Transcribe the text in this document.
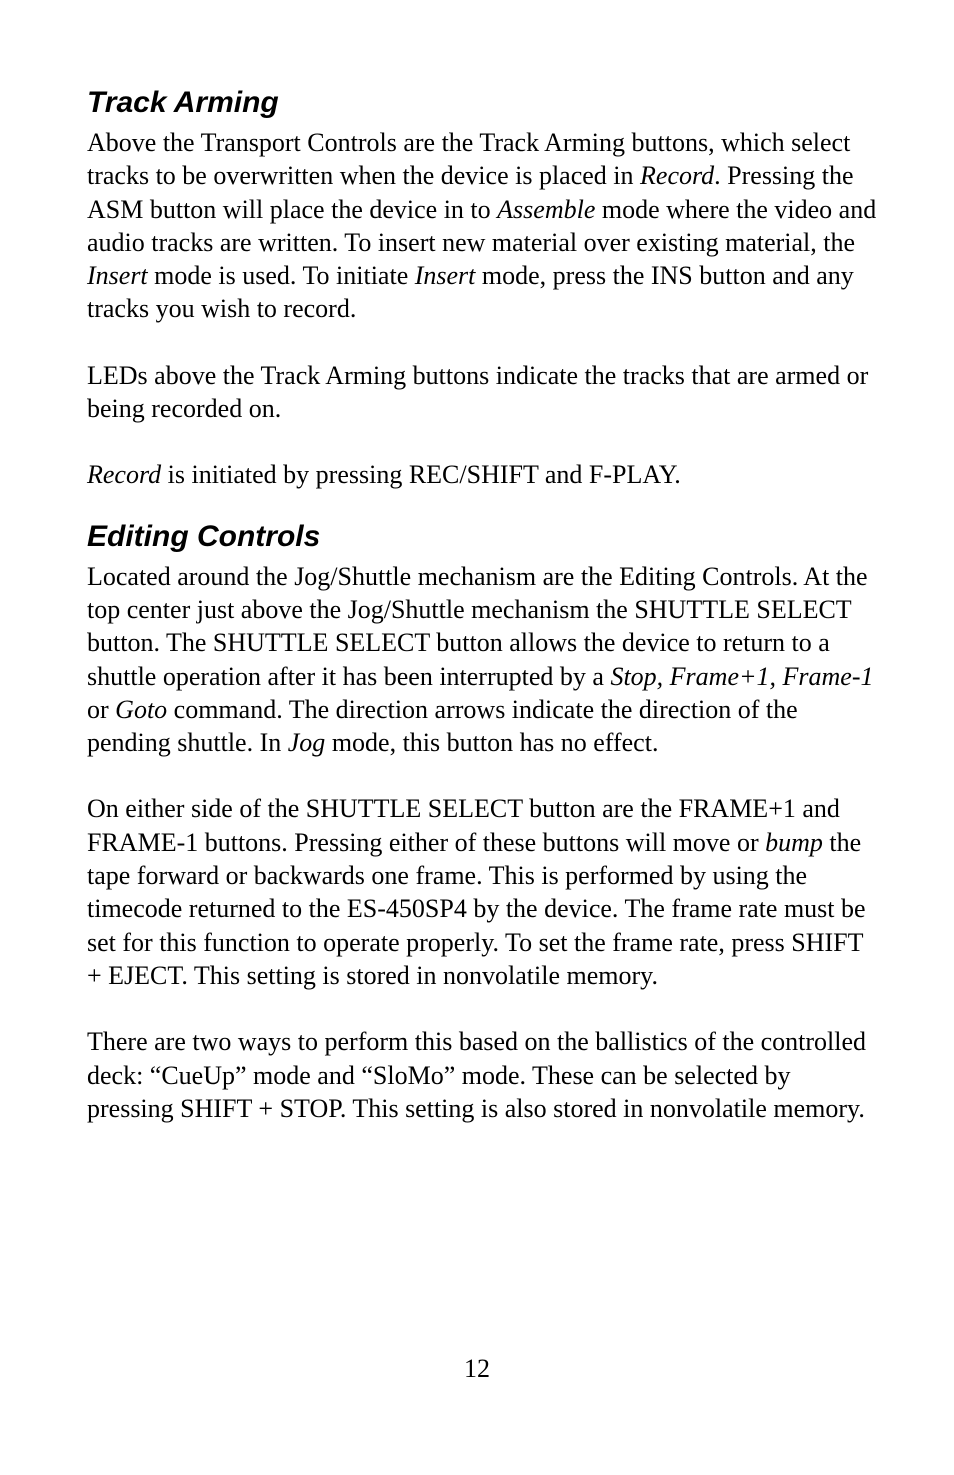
Track Arming

Above the Transport Controls are the Track Arming buttons, which select tracks to be overwritten when the device is placed in Record. Pressing the ASM button will place the device in to Assemble mode where the video and audio tracks are written. To insert new material over existing material, the Insert mode is used. To initiate Insert mode, press the INS button and any tracks you wish to record.

LEDs above the Track Arming buttons indicate the tracks that are armed or being recorded on.

Record is initiated by pressing REC/SHIFT and F-PLAY.

Editing Controls

Located around the Jog/Shuttle mechanism are the Editing Controls. At the top center just above the Jog/Shuttle mechanism the SHUTTLE SELECT button. The SHUTTLE SELECT button allows the device to return to a shuttle operation after it has been interrupted by a Stop, Frame+1, Frame-1 or Goto command. The direction arrows indicate the direction of the pending shuttle. In Jog mode, this button has no effect.

On either side of the SHUTTLE SELECT button are the FRAME+1 and FRAME-1 buttons. Pressing either of these buttons will move or bump the tape forward or backwards one frame. This is performed by using the timecode returned to the ES-450SP4 by the device. The frame rate must be set for this function to operate properly. To set the frame rate, press SHIFT + EJECT. This setting is stored in nonvolatile memory.

There are two ways to perform this based on the ballistics of the controlled deck: “CueUp” mode and “SloMo” mode. These can be selected by pressing SHIFT + STOP. This setting is also stored in nonvolatile memory.

12
